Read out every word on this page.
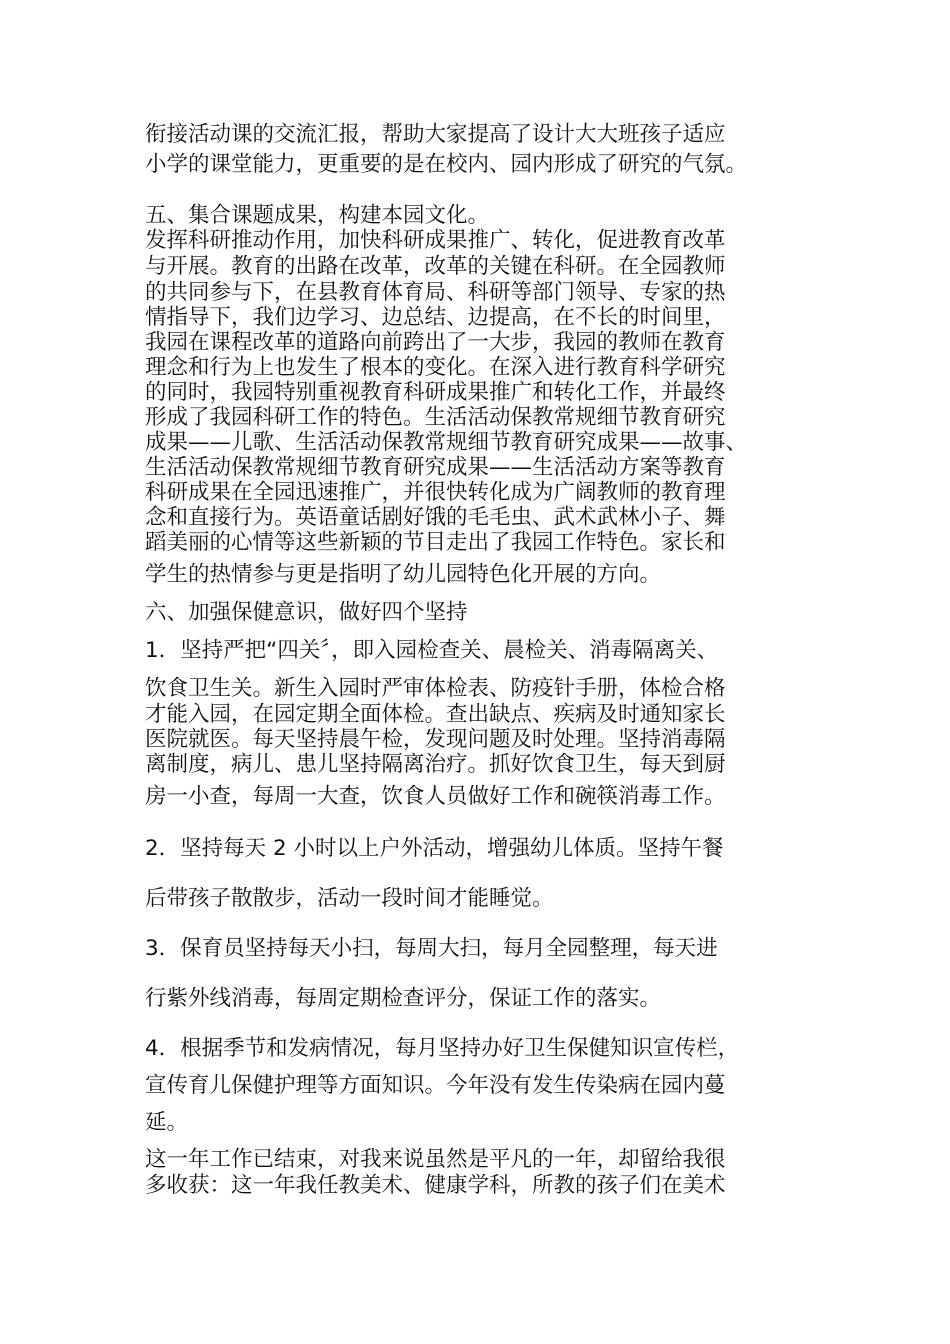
衔接活动课的交流汇报，帮助大家提高了设计大大班孩子适应
小学的课堂能力，更重要的是在校内、园内形成了研究的气氛。
五、集合课题成果，构建本园文化。
发挥科研推动作用，加快科研成果推广、转化，促进教育改革
与开展。教育的出路在改革，改革的关键在科研。在全园教师
的共同参与下，在县教育体育局、科研等部门领导、专家的热
情指导下，我们边学习、边总结、边提高，在不长的时间里，
我园在课程改革的道路向前跨出了一大步，我园的教师在教育
理念和行为上也发生了根本的变化。在深入进行教育科学研究
的同时，我园特别重视教育科研成果推广和转化工作，并最终
形成了我园科研工作的特色。生活活动保教常规细节教育研究
成果——儿歌、生活活动保教常规细节教育研究成果——故事、
生活活动保教常规细节教育研究成果——生活活动方案等教育
科研成果在全园迅速推广，并很快转化成为广阔教师的教育理
念和直接行为。英语童话剧好饿的毛毛虫、武术武林小子、舞
蹈美丽的心情等这些新颖的节目走出了我园工作特色。家长和
学生的热情参与更是指明了幼儿园特色化开展的方向。
六、加强保健意识，做好四个坚持
1．坚持严把“四关〞，即入园检查关、晨检关、消毒隔离关、
饮食卫生关。新生入园时严审体检表、防疫针手册，体检合格
才能入园，在园定期全面体检。查出缺点、疾病及时通知家长
医院就医。每天坚持晨午检，发现问题及时处理。坚持消毒隔
离制度，病儿、患儿坚持隔离治疗。抓好饮食卫生，每天到厨
房一小查，每周一大查，饮食人员做好工作和碗筷消毒工作。
2．坚持每天 2 小时以上户外活动，增强幼儿体质。坚持午餐
后带孩子散散步，活动一段时间才能睡觉。
3．保育员坚持每天小扫，每周大扫，每月全园整理，每天进
行紫外线消毒，每周定期检查评分，保证工作的落实。
4．根据季节和发病情况，每月坚持办好卫生保健知识宣传栏，
宣传育儿保健护理等方面知识。今年没有发生传染病在园内蔓
延。
这一年工作已结束，对我来说虽然是平凡的一年，却留给我很
多收获：这一年我任教美术、健康学科，所教的孩子们在美术
